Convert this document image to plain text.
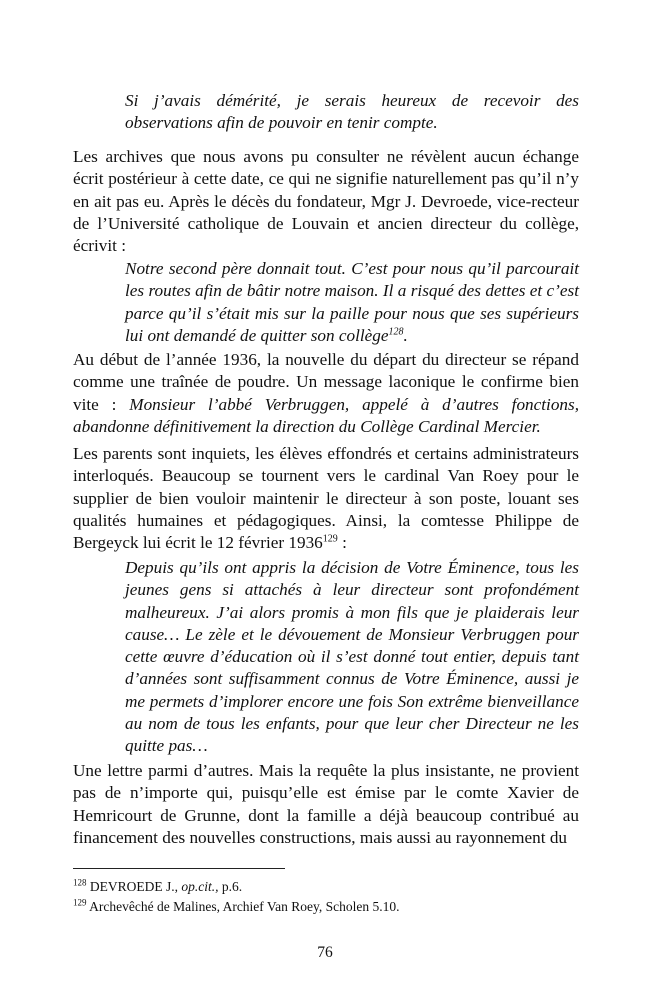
Si j’avais démérité, je serais heureux de recevoir des observations afin de pouvoir en tenir compte.

Les archives que nous avons pu consulter ne révèlent aucun échange écrit postérieur à cette date, ce qui ne signifie naturellement pas qu’il n’y en ait pas eu. Après le décès du fondateur, Mgr J. Devroede, vice-recteur de l’Université catholique de Louvain et ancien directeur du collège, écrivit :

Notre second père donnait tout. C’est pour nous qu’il parcourait les routes afin de bâtir notre maison. Il a risqué des dettes et c’est parce qu’il s’était mis sur la paille pour nous que ses supérieurs lui ont demandé de quitter son collège$^{128}$.

Au début de l’année 1936, la nouvelle du départ du directeur se répand comme une traînée de poudre. Un message laconique le confirme bien vite : Monsieur l’abbé Verbruggen, appelé à d’autres fonctions, abandonne définitivement la direction du Collège Cardinal Mercier.

Les parents sont inquiets, les élèves effondrés et certains administrateurs interloqués. Beaucoup se tournent vers le cardinal Van Roey pour le supplier de bien vouloir maintenir le directeur à son poste, louant ses qualités humaines et pédagogiques. Ainsi, la comtesse Philippe de Bergeyck lui écrit le 12 février 1936$^{129}$ :

Depuis qu’ils ont appris la décision de Votre Éminence, tous les jeunes gens si attachés à leur directeur sont profondément malheureux. J’ai alors promis à mon fils que je plaiderais leur cause… Le zèle et le dévouement de Monsieur Verbruggen pour cette œuvre d’éducation où il s’est donné tout entier, depuis tant d’années sont suffisamment connus de Votre Éminence, aussi je me permets d’implorer encore une fois Son extrême bienveillance au nom de tous les enfants, pour que leur cher Directeur ne les quitte pas…

Une lettre parmi d’autres. Mais la requête la plus insistante, ne provient pas de n’importe qui, puisqu’elle est émise par le comte Xavier de Hemricourt de Grunne, dont la famille a déjà beaucoup contribué au financement des nouvelles constructions, mais aussi au rayonnement du

$^{128}$ DEVROEDE J., op.cit., p.6.

$^{129}$ Archevêché de Malines, Archief Van Roey, Scholen 5.10.

76
